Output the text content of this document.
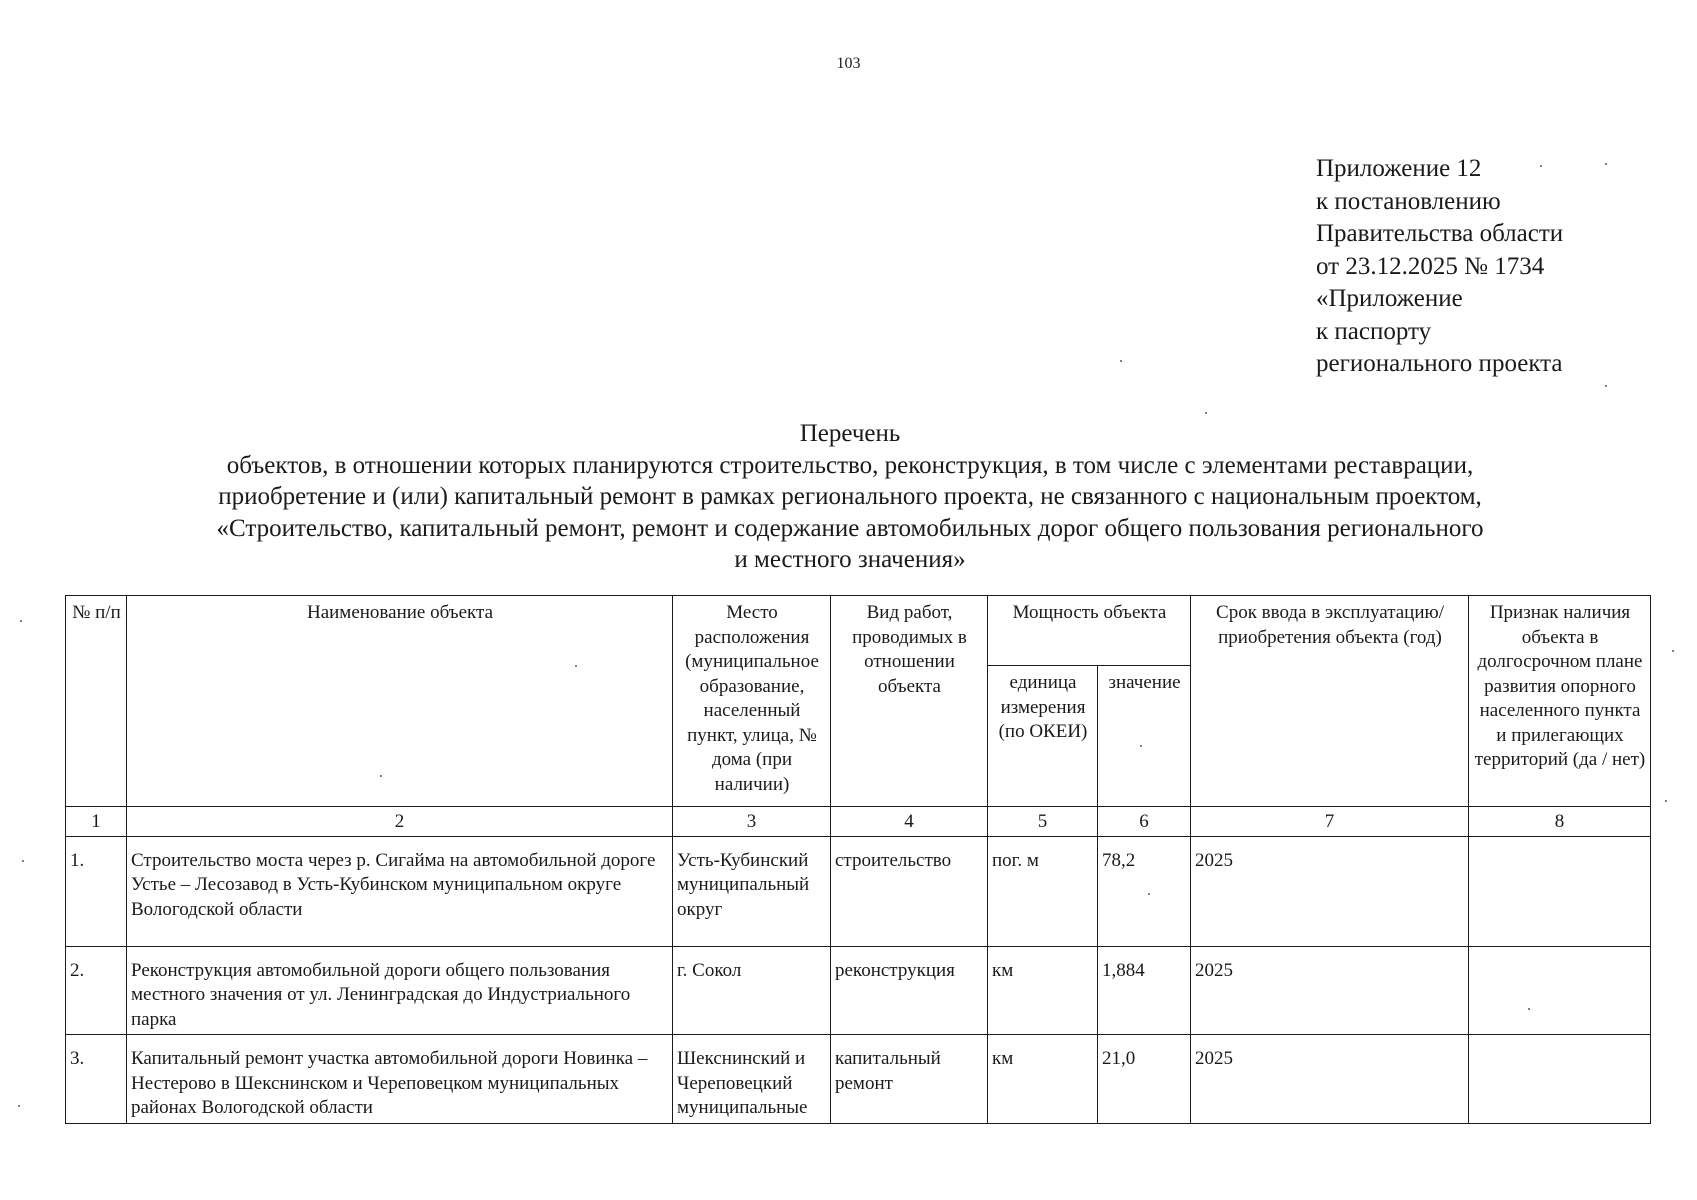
103
Приложение 12
к постановлению
Правительства области
от 23.12.2025 № 1734
«Приложение
к паспорту
регионального проекта
Перечень
объектов, в отношении которых планируются строительство, реконструкция, в том числе с элементами реставрации,
приобретение и (или) капитальный ремонт в рамках регионального проекта, не связанного с национальным проектом,
«Строительство, капитальный ремонт, ремонт и содержание автомобильных дорог общего пользования регионального
и местного значения»
№ п/п	Наименование объекта	Место расположения (муниципальное образование, населенный пункт, улица, № дома (при наличии)	Вид работ, проводимых в отношении объекта	Мощность объекта		Срок ввода в эксплуатацию/приобретения объекта (год)	Признак наличия объекта в долгосрочном плане развития опорного населенного пункта и прилегающих территорий (да / нет)
				единица измерения (по ОКЕИ)	значение		
1	2	3	4	5	6	7	8
1.	Строительство моста через р. Сигайма на автомобильной дороге Устье – Лесозавод в Усть-Кубинском муниципальном округе Вологодской области	Усть-Кубинский муниципальный округ	строительство	пог. м	78,2	2025	
2.	Реконструкция автомобильной дороги общего пользования местного значения от ул. Ленинградская до Индустриального парка	г. Сокол	реконструкция	км	1,884	2025	
3.	Капитальный ремонт участка автомобильной дороги Новинка – Нестерово в Шекснинском и Череповецком муниципальных районах Вологодской области	Шекснинский и Череповецкий муниципальные	капитальный ремонт	км	21,0	2025	
